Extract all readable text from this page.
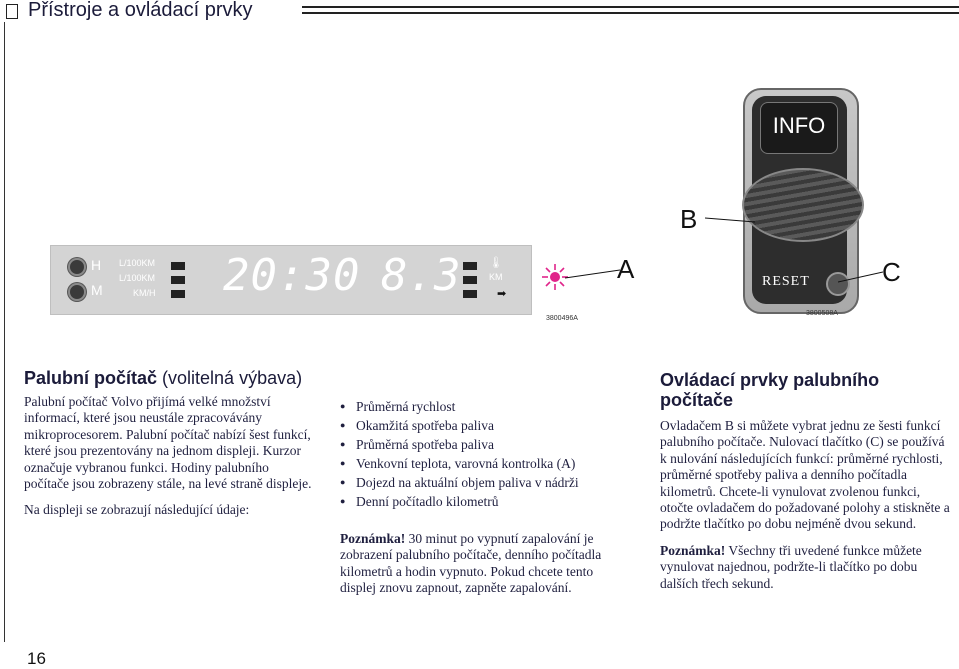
Přístroje a ovládací prvky
H
M
L/100KM
L/100KM
KM/H 20:30 8.3	🌡
KM
➡
3800496A
A
INFO
RESET
B
C
3800508A
Palubní počítač (volitelná výbava)

Palubní počítač Volvo přijímá velké množství informací, které jsou neustále zpracovávány mikroprocesorem. Palubní počítač nabízí šest funkcí, které jsou prezentovány na jednom displeji. Kurzor označuje vybranou funkci. Hodiny palubního počítače jsou zobrazeny stále, na levé straně displeje.

Na displeji se zobrazují následující údaje:

● Průměrná rychlost
● Okamžitá spotřeba paliva
● Průměrná spotřeba paliva
● Venkovní teplota, varovná kontrolka (A)
● Dojezd na aktuální objem paliva v nádrži
● Denní počítadlo kilometrů

Poznámka! 30 minut po vypnutí zapalování je zobrazení palubního počítače, denního počítadla kilometrů a hodin vypnuto. Pokud chcete tento displej znovu zapnout, zapněte zapalování.

Ovládací prvky palubního počítače

Ovladačem B si můžete vybrat jednu ze šesti funkcí palubního počítače. Nulovací tlačítko (C) se používá k nulování následujících funkcí: průměrné rychlosti, průměrné spotřeby paliva a denního počítadla kilometrů. Chcete-li vynulovat zvolenou funkci, otočte ovladačem do požadované polohy a stiskněte a podržte tlačítko po dobu nejméně dvou sekund.

Poznámka! Všechny tři uvedené funkce můžete vynulovat najednou, podržte-li tlačítko po dobu dalších třech sekund.

16
